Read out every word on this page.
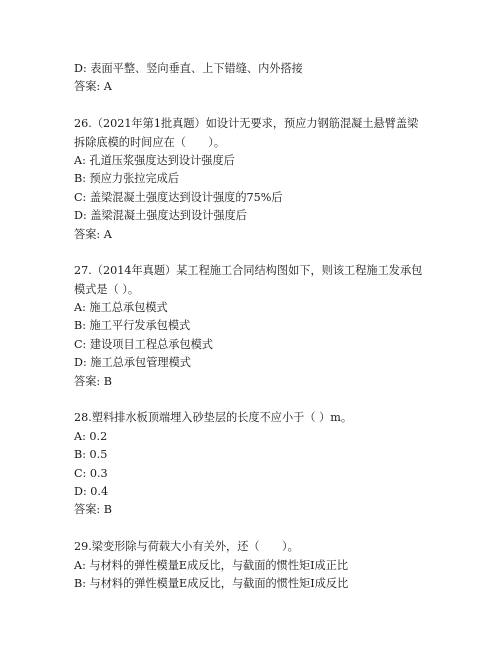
D: 表面平整、竖向垂直、上下错缝、内外搭接
答案: A
26.（2021年第1批真题）如设计无要求，预应力钢筋混凝土悬臂盖梁
拆除底模的时间应在（　　）。
A: 孔道压浆强度达到设计强度后
B: 预应力张拉完成后
C: 盖梁混凝土强度达到设计强度的75%后
D: 盖梁混凝土强度达到设计强度后
答案: A
27.（2014年真题）某工程施工合同结构图如下，则该工程施工发承包
模式是（ ）。
A: 施工总承包模式
B: 施工平行发承包模式
C: 建设项目工程总承包模式
D: 施工总承包管理模式
答案: B
28.塑料排水板顶端埋入砂垫层的长度不应小于（ ）m。
A: 0.2
B: 0.5
C: 0.3
D: 0.4
答案: B
29.梁变形除与荷载大小有关外，还（　　）。
A: 与材料的弹性模量E成反比，与截面的惯性矩I成正比
B: 与材料的弹性模量E成反比，与截面的惯性矩I成反比
